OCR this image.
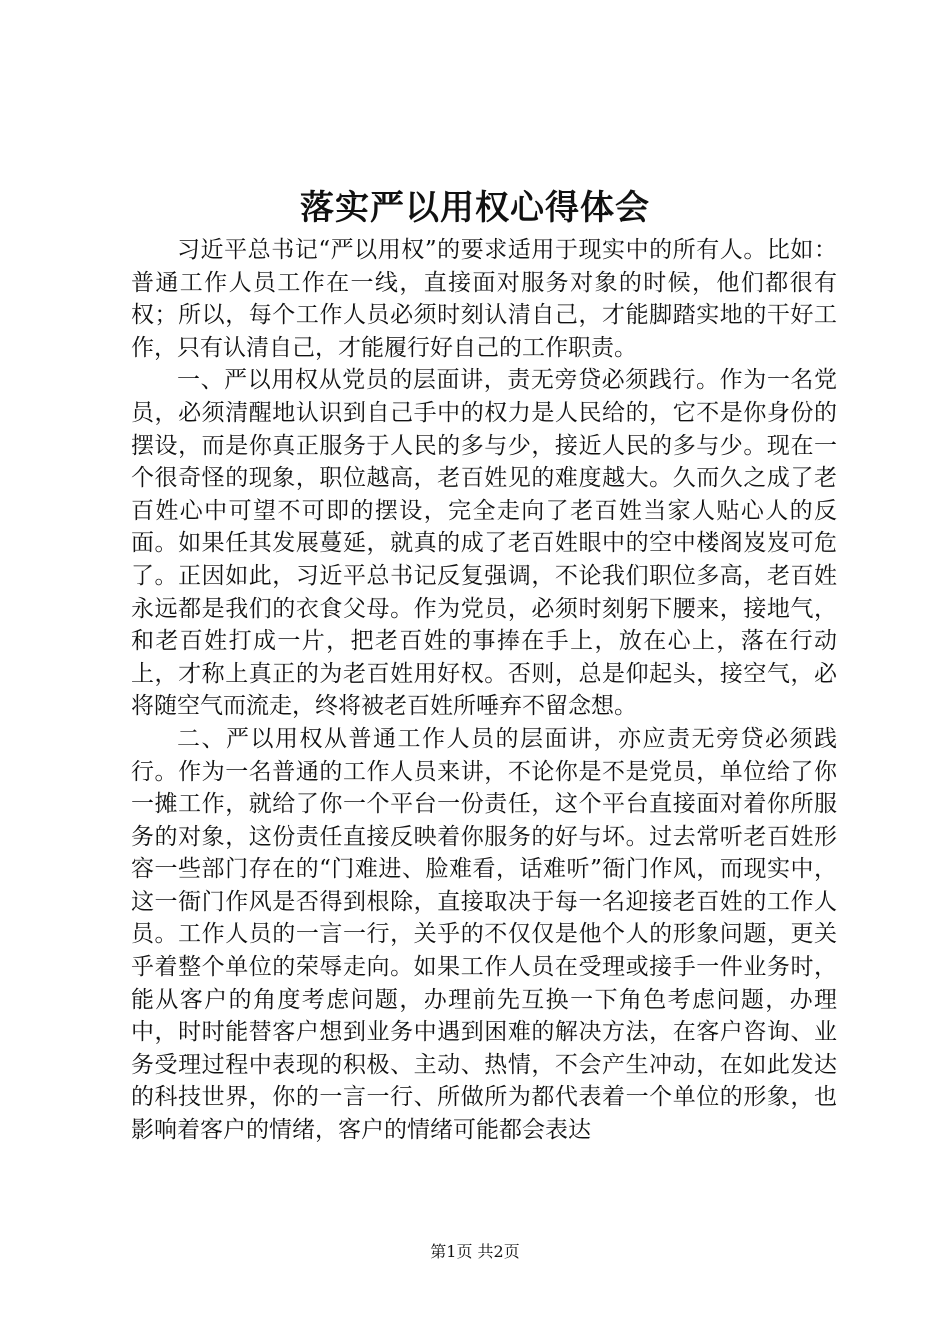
落实严以用权心得体会

习近平总书记“严以用权”的要求适用于现实中的所有人。比如：普通工作人员工作在一线，直接面对服务对象的时候，他们都很有权；所以，每个工作人员必须时刻认清自己，才能脚踏实地的干好工作，只有认清自己，才能履行好自己的工作职责。

一、严以用权从党员的层面讲，责无旁贷必须践行。作为一名党员，必须清醒地认识到自己手中的权力是人民给的，它不是你身份的摆设，而是你真正服务于人民的多与少，接近人民的多与少。现在一个很奇怪的现象，职位越高，老百姓见的难度越大。久而久之成了老百姓心中可望不可即的摆设，完全走向了老百姓当家人贴心人的反面。如果任其发展蔓延，就真的成了老百姓眼中的空中楼阁岌岌可危了。正因如此，习近平总书记反复强调，不论我们职位多高，老百姓永远都是我们的衣食父母。作为党员，必须时刻躬下腰来，接地气，和老百姓打成一片，把老百姓的事捧在手上，放在心上，落在行动上，才称上真正的为老百姓用好权。否则，总是仰起头，接空气，必将随空气而流走，终将被老百姓所唾弃不留念想。

二、严以用权从普通工作人员的层面讲，亦应责无旁贷必须践行。作为一名普通的工作人员来讲，不论你是不是党员，单位给了你一摊工作，就给了你一个平台一份责任，这个平台直接面对着你所服务的对象，这份责任直接反映着你服务的好与坏。过去常听老百姓形容一些部门存在的“门难进、脸难看，话难听”衙门作风，而现实中，这一衙门作风是否得到根除，直接取决于每一名迎接老百姓的工作人员。工作人员的一言一行，关乎的不仅仅是他个人的形象问题，更关乎着整个单位的荣辱走向。如果工作人员在受理或接手一件业务时，能从客户的角度考虑问题，办理前先互换一下角色考虑问题，办理中，时时能替客户想到业务中遇到困难的解决方法，在客户咨询、业务受理过程中表现的积极、主动、热情，不会产生冲动，在如此发达的科技世界，你的一言一行、所做所为都代表着一个单位的形象，也影响着客户的情绪，客户的情绪可能都会表达

第1页 共2页
